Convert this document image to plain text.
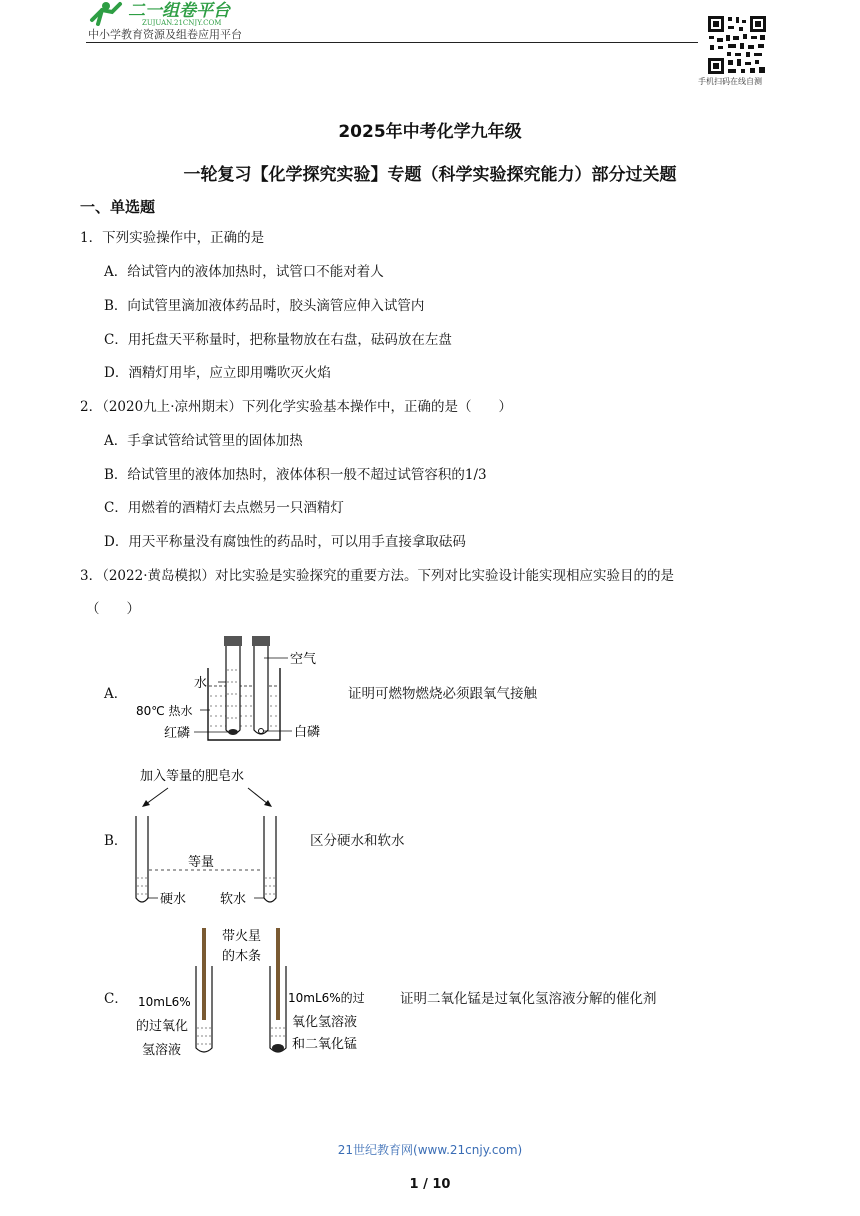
二一组卷平台
ZUJUAN.21CNJY.COM
中小学教育资源及组卷应用平台
手机扫码在线自测
2025年中考化学九年级
一轮复习【化学探究实验】专题（科学实验探究能力）部分过关题
一、单选题
1．下列实验操作中，正确的是
A．给试管内的液体加热时，试管口不能对着人
B．向试管里滴加液体药品时，胶头滴管应伸入试管内
C．用托盘天平称量时，把称量物放在右盘，砝码放在左盘
D．酒精灯用毕，应立即用嘴吹灭火焰
2．（2020九上·凉州期末）下列化学实验基本操作中，正确的是（　　）
A．手拿试管给试管里的固体加热
B．给试管里的液体加热时，液体体积一般不超过试管容积的1/3
C．用燃着的酒精灯去点燃另一只酒精灯
D．用天平称量没有腐蚀性的药品时，可以用手直接拿取砝码
3．（2022·黄岛模拟）对比实验是实验探究的重要方法。下列对比实验设计能实现相应实验目的的是
（　　）
A．
空气
水
80℃ 热水
红磷	白磷
证明可燃物燃烧必须跟氧气接触
B．
加入等量的肥皂水
等量
硬水	软水
区分硬水和软水
C．
带火星
的木条
10mL6%
的过氧化
氢溶液
10mL6%的过
氧化氢溶液
和二氧化锰
证明二氧化锰是过氧化氢溶液分解的催化剂
21世纪教育网(www.21cnjy.com)
1 / 10
